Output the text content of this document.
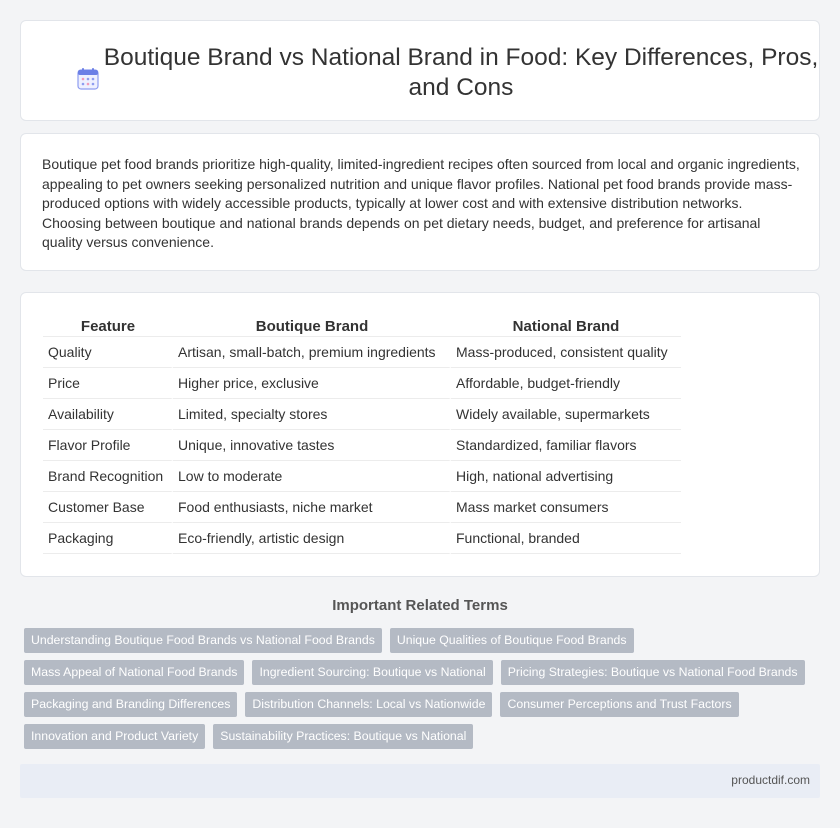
Boutique Brand vs National Brand in Food: Key Differences, Pros, and Cons

Boutique pet food brands prioritize high-quality, limited-ingredient recipes often sourced from local and organic ingredients, appealing to pet owners seeking personalized nutrition and unique flavor profiles. National pet food brands provide mass-produced options with widely accessible products, typically at lower cost and with extensive distribution networks. Choosing between boutique and national brands depends on pet dietary needs, budget, and preference for artisanal quality versus convenience.

Feature	Boutique Brand	National Brand
Quality	Artisan, small-batch, premium ingredients	Mass-produced, consistent quality
Price	Higher price, exclusive	Affordable, budget-friendly
Availability	Limited, specialty stores	Widely available, supermarkets
Flavor Profile	Unique, innovative tastes	Standardized, familiar flavors
Brand Recognition	Low to moderate	High, national advertising
Customer Base	Food enthusiasts, niche market	Mass market consumers
Packaging	Eco-friendly, artistic design	Functional, branded
Important Related Terms
Understanding Boutique Food Brands vs National Food Brands	Unique Qualities of Boutique Food Brands
Mass Appeal of National Food Brands	Ingredient Sourcing: Boutique vs National	Pricing Strategies: Boutique vs National Food Brands
Packaging and Branding Differences	Distribution Channels: Local vs Nationwide	Consumer Perceptions and Trust Factors
Innovation and Product Variety	Sustainability Practices: Boutique vs National
productdif.com
